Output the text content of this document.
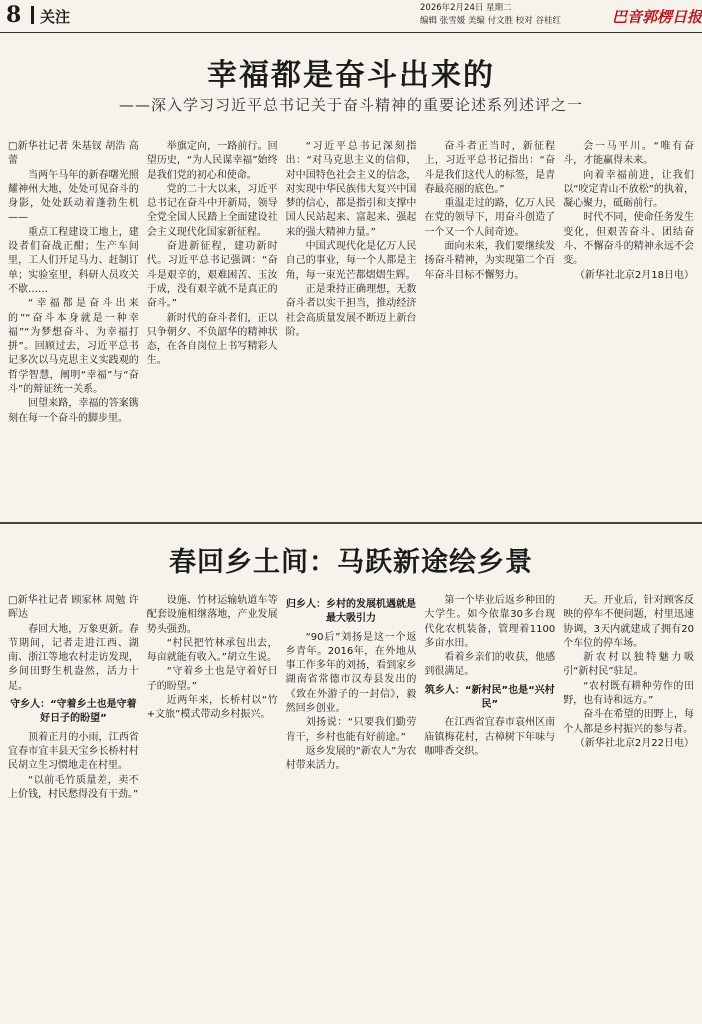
8 关注	2026年2月24日 星期二
编辑 张雪媛 美编 付文胜 校对 谷桂红	巴音郭楞日报
幸福都是奋斗出来的
——深入学习习近平总书记关于奋斗精神的重要论述系列述评之一

□新华社记者 朱基钗 胡浩 高蕾

当两午马年的新春曙光照耀神州大地，处处可见奋斗的身影，处处跃动着蓬勃生机——

重点工程建设工地上，建设者们奋战正酣；生产车间里，工人们开足马力、赶制订单；实验室里，科研人员攻关不歇……

“幸福都是奋斗出来的”“奋斗本身就是一种幸福”“为梦想奋斗、为幸福打拼”。回顾过去，习近平总书记多次以马克思主义实践观的哲学智慧，阐明“幸福”与“奋斗”的辩证统一关系。

回望来路，幸福的答案镌刻在每一个奋斗的脚步里。

举旗定向，一路前行。回望历史，“为人民谋幸福”始终是我们党的初心和使命。

党的二十大以来，习近平总书记在奋斗中开新局，领导全党全国人民踏上全面建设社会主义现代化国家新征程。

奋进新征程，建功新时代。习近平总书记强调：“奋斗是艰辛的，艰难困苦、玉汝于成，没有艰辛就不是真正的奋斗。”

新时代的奋斗者们，正以只争朝夕、不负韶华的精神状态，在各自岗位上书写精彩人生。

“习近平总书记深刻指出：“对马克思主义的信仰，对中国特色社会主义的信念，对实现中华民族伟大复兴中国梦的信心，都是指引和支撑中国人民站起来、富起来、强起来的强大精神力量。”

中国式现代化是亿万人民自己的事业，每一个人都是主角，每一束光芒都熠熠生辉。

正是秉持正确理想，无数奋斗者以实干担当，推动经济社会高质量发展不断迈上新台阶。

奋斗者正当时，新征程上，习近平总书记指出：“奋斗是我们这代人的标签，是青春最亮丽的底色。”

重温走过的路，亿万人民在党的领导下，用奋斗创造了一个又一个人间奇迹。

面向未来，我们要继续发扬奋斗精神，为实现第二个百年奋斗目标不懈努力。

会一马平川。“唯有奋斗，才能赢得未来。

向着幸福前进，让我们以“咬定青山不放松”的执着，凝心聚力，砥砺前行。

时代不同，使命任务发生变化，但艰苦奋斗、团结奋斗、不懈奋斗的精神永远不会变。

（新华社北京2月18日电）

春回乡土间：马跃新途绘乡景

□新华社记者 顾家林 周勉 许晖达

春回大地，万象更新。春节期间，记者走进江西、湖南、浙江等地农村走访发现，乡间田野生机盎然，活力十足。

守乡人：“守着乡土也是守着好日子的盼望”

顶着正月的小雨，江西省宜春市宜丰县天宝乡长桥村村民胡立生习惯地走在村里。

“以前毛竹质量差，卖不上价钱，村民愁得没有干劲。”

设施、竹材运输轨道车等配套设施相继落地，产业发展势头强劲。

“村民把竹林承包出去，每亩就能有收入。”胡立生说。

“守着乡土也是守着好日子的盼望。”

近两年来，长桥村以“竹+文旅”模式带动乡村振兴。

归乡人：乡村的发展机遇就是最大吸引力

“90后”刘扬是这一个返乡青年。2016年，在外地从事工作多年的刘扬，看到家乡湖南省常德市汉寿县发出的《致在外游子的一封信》，毅然回乡创业。

刘扬说：“只要我们勤劳肯干，乡村也能有好前途。”

返乡发展的“新农人”为农村带来活力。

第一个毕业后返乡种田的大学生。如今依靠30多台现代化农机装备，管理着1100多亩水田。

看着乡亲们的收获，他感到很满足。

筑乡人：“新村民”也是“兴村民”

在江西省宜春市袁州区南庙镇梅花村，古樟树下年味与咖啡香交织。

天。开业后，针对顾客反映的停车不便问题，村里迅速协调，3天内就建成了拥有20个车位的停车场。

新农村以独特魅力吸引“新村民”驻足。

“农村既有耕种劳作的田野，也有诗和远方。”

奋斗在希望的田野上，每个人都是乡村振兴的参与者。

（新华社北京2月22日电）
